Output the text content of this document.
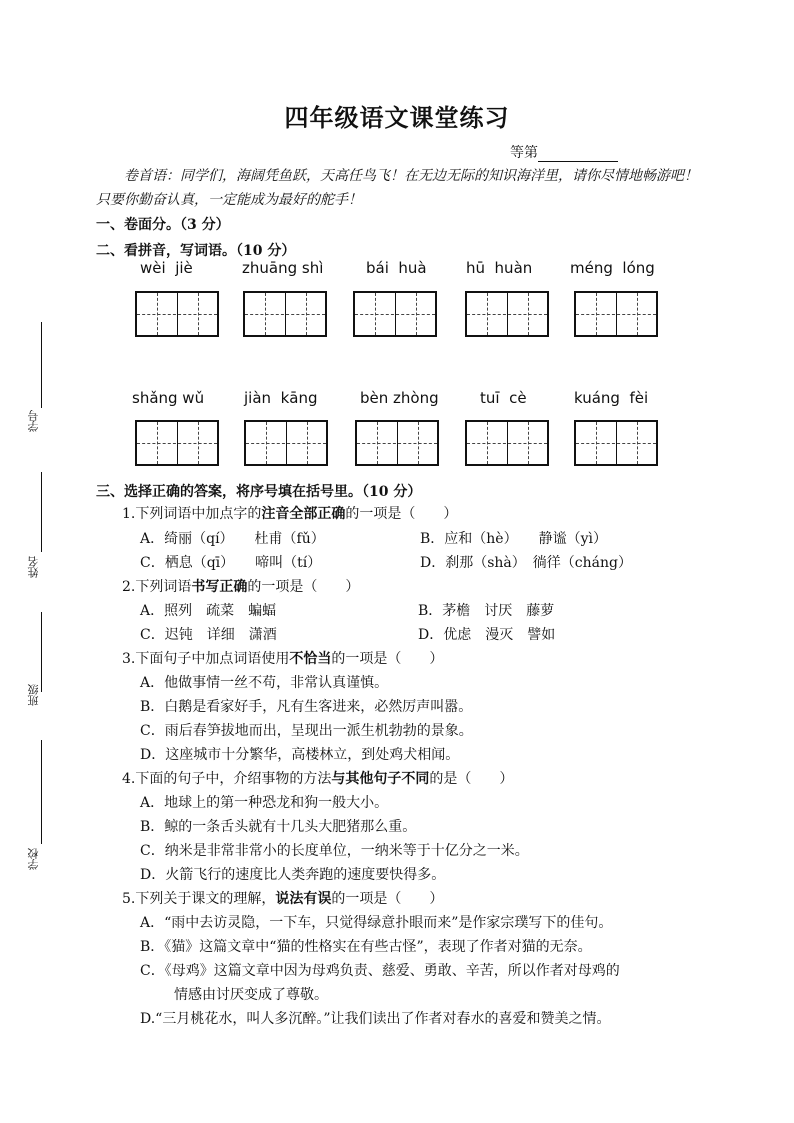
四年级语文课堂练习
等第
卷首语：同学们，海阔凭鱼跃，天高任鸟飞！在无边无际的知识海洋里，请你尽情地畅游吧！只要你勤奋认真，一定能成为最好的舵手！
一、卷面分。（3 分）
二、看拼音，写词语。（10 分）
wèi  jiè	zhuāng shì	bái  huà	hū  huàn	méng  lóng
shǎng wǔ	jiàn  kāng	bèn zhòng	tuī  cè	kuáng  fèi
三、选择正确的答案，将序号填在括号里。（10 分）
1.下列词语中加点字的注音全部正确的一项是（　　）
A．绮丽（qí）　　杜甫（fǔ）	B．应和（hè）　　静谧（yì）
C．栖息（qī）　　啼叫（tí）	D．刹那（shà）　徜徉（cháng）
2.下列词语书写正确的一项是（　　）
A．照列　疏菜　蝙蝠	B．茅檐　讨厌　藤萝
C．迟钝　详细　潇酒	D．优虑　漫灭　譬如
3.下面句子中加点词语使用不恰当的一项是（　　）
A．他做事情一丝不苟，非常认真谨慎。
B．白鹅是看家好手，凡有生客进来，必然厉声叫嚣。
C．雨后春笋拔地而出，呈现出一派生机勃勃的景象。
D．这座城市十分繁华，高楼林立，到处鸡犬相闻。
4.下面的句子中，介绍事物的方法与其他句子不同的是（　　）
A．地球上的第一种恐龙和狗一般大小。
B．鲸的一条舌头就有十几头大肥猪那么重。
C．纳米是非常非常小的长度单位，一纳米等于十亿分之一米。
D．火箭飞行的速度比人类奔跑的速度要快得多。
5.下列关于课文的理解，说法有误的一项是（　　）
A．“雨中去访灵隐，一下车，只觉得绿意扑眼而来”是作家宗璞写下的佳句。
B．《猫》这篇文章中“猫的性格实在有些古怪”，表现了作者对猫的无奈。
C．《母鸡》这篇文章中因为母鸡负责、慈爱、勇敢、辛苦，所以作者对母鸡的
情感由讨厌变成了尊敬。
D.“三月桃花水，叫人多沉醉。”让我们读出了作者对春水的喜爱和赞美之情。
学号
姓名
班级
学校
